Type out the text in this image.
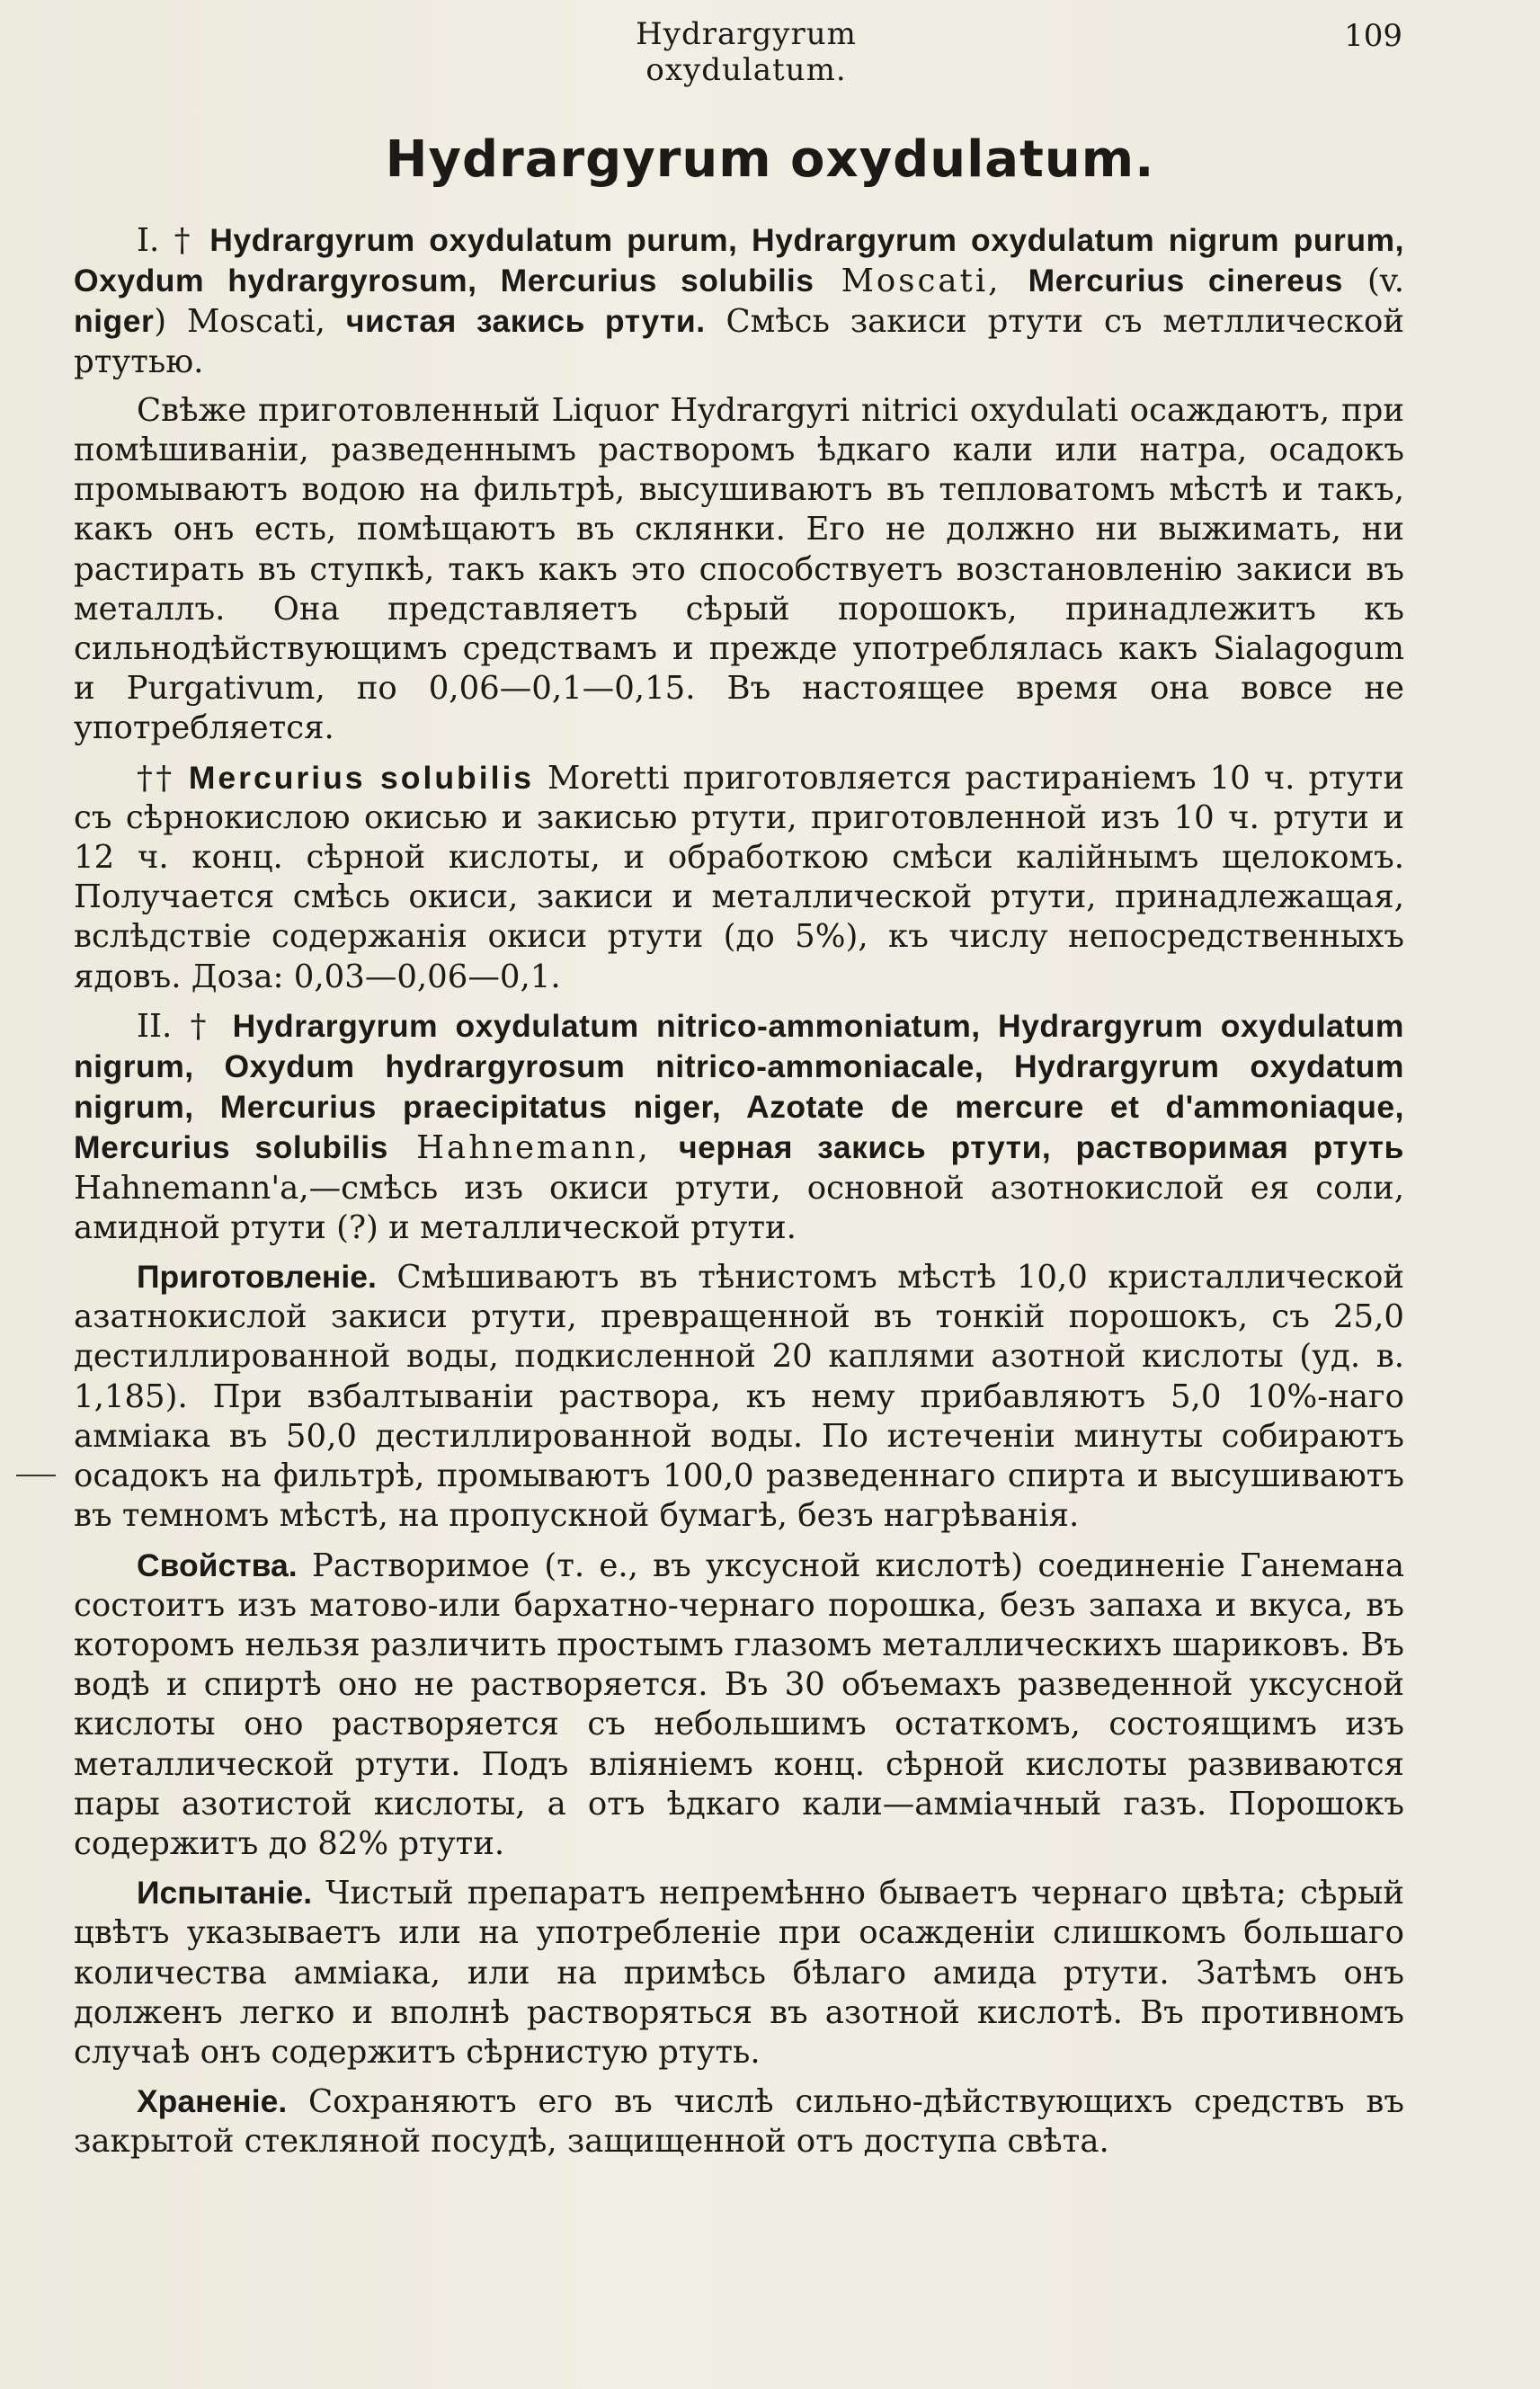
Hydrargyrum oxydulatum.
109
Hydrargyrum oxydulatum.

I. † Hydrargyrum oxydulatum purum, Hydrargyrum oxydulatum nigrum purum, Oxydum hydrargyrosum, Mercurius solubilis Moscati, Mercurius cinereus (v. niger) Moscati, чистая закись ртути. Смѣсь закиси ртути съ метллической ртутью.

Свѣже приготовленный Liquor Hydrargyri nitrici oxydulati осаждаютъ, при помѣшиваніи, разведеннымъ растворомъ ѣдкаго кали или натра, осадокъ промываютъ водою на фильтрѣ, высушиваютъ въ тепловатомъ мѣстѣ и такъ, какъ онъ есть, помѣщаютъ въ склянки. Его не должно ни выжимать, ни растирать въ ступкѣ, такъ какъ это способствуетъ возстановленію закиси въ металлъ. Она представляетъ сѣрый порошокъ, принадлежитъ къ сильнодѣйствующимъ средствамъ и прежде употреблялась какъ Sialagogum и Purgativum, по 0,06—0,1—0,15. Въ настоящее время она вовсе не употребляется.

†† Mercurius solubilis Moretti приготовляется растираніемъ 10 ч. ртути съ сѣрнокислою окисью и закисью ртути, приготовленной изъ 10 ч. ртути и 12 ч. конц. сѣрной кислоты, и обработкою смѣси калійнымъ щелокомъ. Получается смѣсь окиси, закиси и металлической ртути, принадлежащая, вслѣдствіе содержанія окиси ртути (до 5%), къ числу непосредственныхъ ядовъ. Доза: 0,03—0,06—0,1.

II. † Hydrargyrum oxydulatum nitrico-ammoniatum, Hydrargyrum oxydulatum nigrum, Oxydum hydrargyrosum nitrico-ammoniacale, Hydrargyrum oxydatum nigrum, Mercurius praecipitatus niger, Azotate de mercure et d'ammoniaque, Mercurius solubilis Hahnemann, черная закись ртути, растворимая ртуть Hahnemann'а,—смѣсь изъ окиси ртути, основной азотнокислой ея соли, амидной ртути (?) и металлической ртути.

Приготовленіе. Смѣшиваютъ въ тѣнистомъ мѣстѣ 10,0 кристаллической азатнокислой закиси ртути, превращенной въ тонкій порошокъ, съ 25,0 дестиллированной воды, подкисленной 20 каплями азотной кислоты (уд. в. 1,185). При взбалтываніи раствора, къ нему прибавляютъ 5,0 10%-наго амміака въ 50,0 дестиллированной воды. По истеченіи минуты собираютъ осадокъ на фильтрѣ, промываютъ 100,0 разведеннаго спирта и высушиваютъ въ темномъ мѣстѣ, на пропускной бумагѣ, безъ нагрѣванія.

Свойства. Растворимое (т. е., въ уксусной кислотѣ) соединеніе Ганемана состоитъ изъ матово-или бархатно-чернаго порошка, безъ запаха и вкуса, въ которомъ нельзя различить простымъ глазомъ металлическихъ шариковъ. Въ водѣ и спиртѣ оно не растворяется. Въ 30 объемахъ разведенной уксусной кислоты оно растворяется съ небольшимъ остаткомъ, состоящимъ изъ металлической ртути. Подъ вліяніемъ конц. сѣрной кислоты развиваются пары азотистой кислоты, а отъ ѣдкаго кали—амміачный газъ. Порошокъ содержитъ до 82% ртути.

Испытаніе. Чистый препаратъ непремѣнно бываетъ чернаго цвѣта; сѣрый цвѣтъ указываетъ или на употребленіе при осажденіи слишкомъ большаго количества амміака, или на примѣсь бѣлаго амида ртути. Затѣмъ онъ долженъ легко и вполнѣ растворяться въ азотной кислотѣ. Въ противномъ случаѣ онъ содержитъ сѣрнистую ртуть.

Храненіе. Сохраняютъ его въ числѣ сильно-дѣйствующихъ средствъ въ закрытой стекляной посудѣ, защищенной отъ доступа свѣта.
